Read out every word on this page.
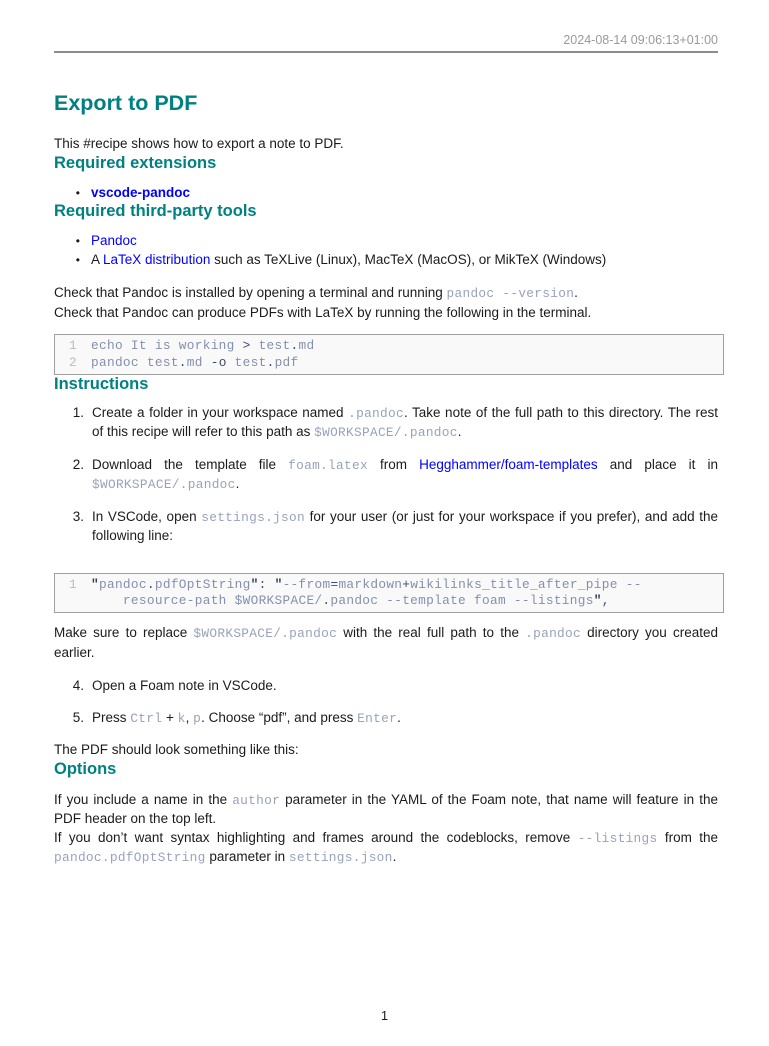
2024-08-14 09:06:13+01:00
Export to PDF

This #recipe shows how to export a note to PDF.

Required extensions
• vscode-pandoc
Required third-party tools
• Pandoc
• A LaTeX distribution such as TeXLive (Linux), MacTeX (MacOS), or MikTeX (Windows)

Check that Pandoc is installed by opening a terminal and running pandoc --version.
Check that Pandoc can produce PDFs with LaTeX by running the following in the terminal.

1 echo It is working > test.md
2 pandoc test.md -o test.pdf
Instructions
1. Create a folder in your workspace named .pandoc. Take note of the full path to this directory. The rest of this recipe will refer to this path as $WORKSPACE/.pandoc.
2. Download the template file foam.latex from Hegghammer/foam-templates and place it in $WORKSPACE/.pandoc.
3. In VSCode, open settings.json for your user (or just for your workspace if you prefer), and add the following line:
1 "pandoc.pdfOptString": "--from=markdown+wikilinks_title_after_pipe --
resource-path $WORKSPACE/.pandoc --template foam --listings",

Make sure to replace $WORKSPACE/.pandoc with the real full path to the .pandoc directory you created earlier.

4. Open a Foam note in VSCode.
5. Press Ctrl + k, p. Choose “pdf”, and press Enter.

The PDF should look something like this:

Options

If you include a name in the author parameter in the YAML of the Foam note, that name will feature in the PDF header on the top left.
If you don’t want syntax highlighting and frames around the codeblocks, remove --listings from the pandoc.pdfOptString parameter in settings.json.

1
